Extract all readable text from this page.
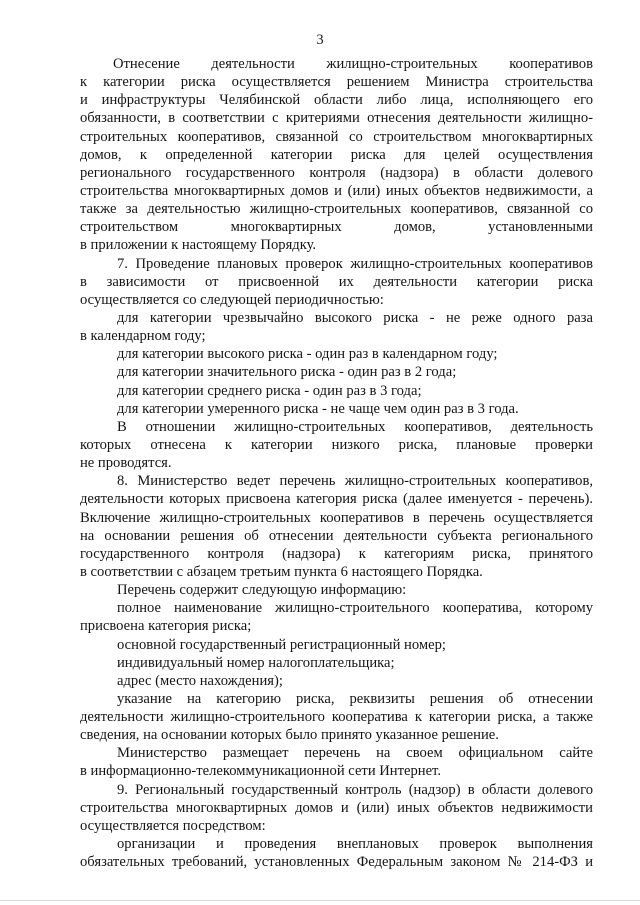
3
Отнесение деятельности жилищно-строительных кооперативов
к категории риска осуществляется решением Министра строительства
и инфраструктуры Челябинской области либо лица, исполняющего его
обязанности, в соответствии с критериями отнесения деятельности жилищно-
строительных кооперативов, связанной со строительством многоквартирных
домов, к определенной категории риска для целей осуществления
регионального государственного контроля (надзора) в области долевого
строительства многоквартирных домов и (или) иных объектов недвижимости, а
также за деятельностью жилищно-строительных кооперативов, связанной со
строительством многоквартирных домов, установленными
в приложении к настоящему Порядку.
7. Проведение плановых проверок жилищно-строительных кооперативов
в зависимости от присвоенной их деятельности категории риска
осуществляется со следующей периодичностью:
для категории чрезвычайно высокого риска - не реже одного раза
в календарном году;
для категории высокого риска - один раз в календарном году;
для категории значительного риска - один раз в 2 года;
для категории среднего риска - один раз в 3 года;
для категории умеренного риска - не чаще чем один раз в 3 года.
В отношении жилищно-строительных кооперативов, деятельность
которых отнесена к категории низкого риска, плановые проверки
не проводятся.
8. Министерство ведет перечень жилищно-строительных кооперативов,
деятельности которых присвоена категория риска (далее именуется - перечень).
Включение жилищно-строительных кооперативов в перечень осуществляется
на основании решения об отнесении деятельности субъекта регионального
государственного контроля (надзора) к категориям риска, принятого
в соответствии с абзацем третьим пункта 6 настоящего Порядка.
Перечень содержит следующую информацию:
полное наименование жилищно-строительного кооператива, которому
присвоена категория риска;
основной государственный регистрационный номер;
индивидуальный номер налогоплательщика;
адрес (место нахождения);
указание на категорию риска, реквизиты решения об отнесении
деятельности жилищно-строительного кооператива к категории риска, а также
сведения, на основании которых было принято указанное решение.
Министерство размещает перечень на своем официальном сайте
в информационно-телекоммуникационной сети Интернет.
9. Региональный государственный контроль (надзор) в области долевого
строительства многоквартирных домов и (или) иных объектов недвижимости
осуществляется посредством:
организации и проведения внеплановых проверок выполнения
обязательных требований, установленных Федеральным законом № 214-ФЗ и
